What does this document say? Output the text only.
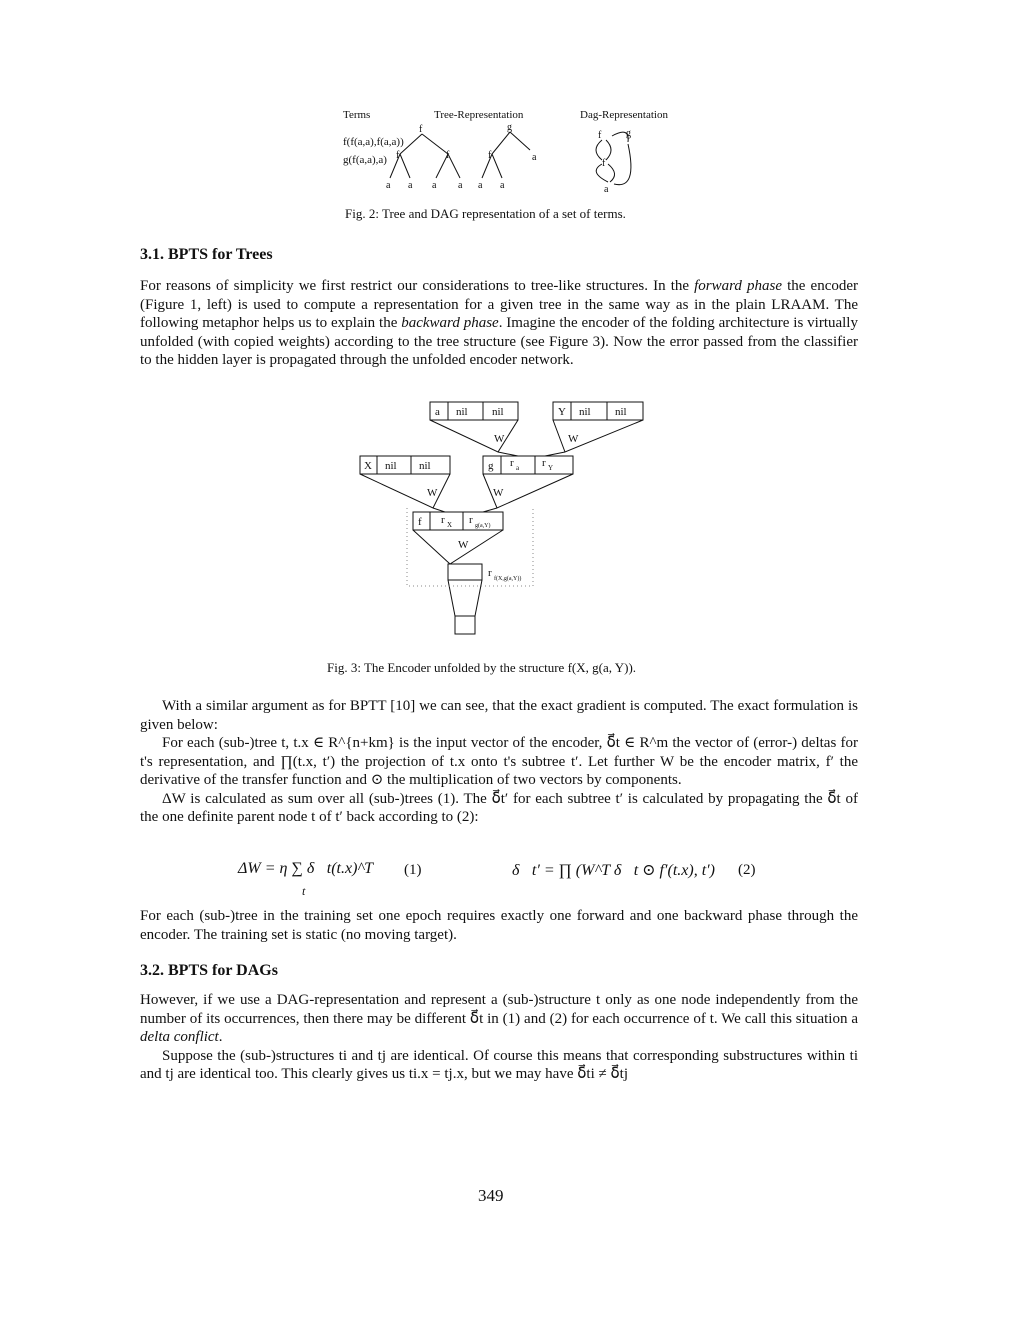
Terms	Tree-Representation	Dag-Representation
f(f(a,a),f(a,a))
g(f(a,a),a)
f
f	f
a a a a
g
f	a
a a
f g
f
a
Fig. 2: Tree and DAG representation of a set of terms.
3.1. BPTS for Trees

For reasons of simplicity we first restrict our considerations to tree-like structures. In the forward phase the encoder (Figure 1, left) is used to compute a representation for a given tree in the same way as in the plain LRAAM. The following metaphor helps us to explain the backward phase. Imagine the encoder of the folding architecture is virtually unfolded (with copied weights) according to the tree structure (see Figure 3). Now the error passed from the classifier to the hidden layer is propagated through the unfolded encoder network.

a nil nil	Y nil nil
W	W
X nil nil	g r a r Y
W	W
f r X r g(a,Y)
W
r f(X,g(a,Y))
Fig. 3: The Encoder unfolded by the structure f(X, g(a, Y)).

With a similar argument as for BPTT [10] we can see, that the exact gradient is computed. The exact formulation is given below:

For each (sub-)tree t, t.x ∈ R^{n+km} is the input vector of the encoder, δ⃗t ∈ R^m the vector of (error-) deltas for t's representation, and ∏(t.x, t′) the projection of t.x onto t's subtree t′. Let further W be the encoder matrix, f′ the derivative of the transfer function and ⊙ the multiplication of two vectors by components.

ΔW is calculated as sum over all (sub-)trees (1). The δ⃗t′ for each subtree t′ is calculated by propagating the δ⃗t of the one definite parent node t of t′ back according to (2):

ΔW = η ∑ δ⃗t(t.x)^T
t
(1)	δ⃗t′ = ∏ (W^T δ⃗t ⊙ f′(t.x), t′) (2)

For each (sub-)tree in the training set one epoch requires exactly one forward and one backward phase through the encoder. The training set is static (no moving target).

3.2. BPTS for DAGs

However, if we use a DAG-representation and represent a (sub-)structure t only as one node independently from the number of its occurrences, then there may be different δ⃗t in (1) and (2) for each occurrence of t. We call this situation a delta conflict.

Suppose the (sub-)structures ti and tj are identical. Of course this means that corresponding substructures within ti and tj are identical too. This clearly gives us ti.x = tj.x, but we may have δ⃗ti ≠ δ⃗tj

349
